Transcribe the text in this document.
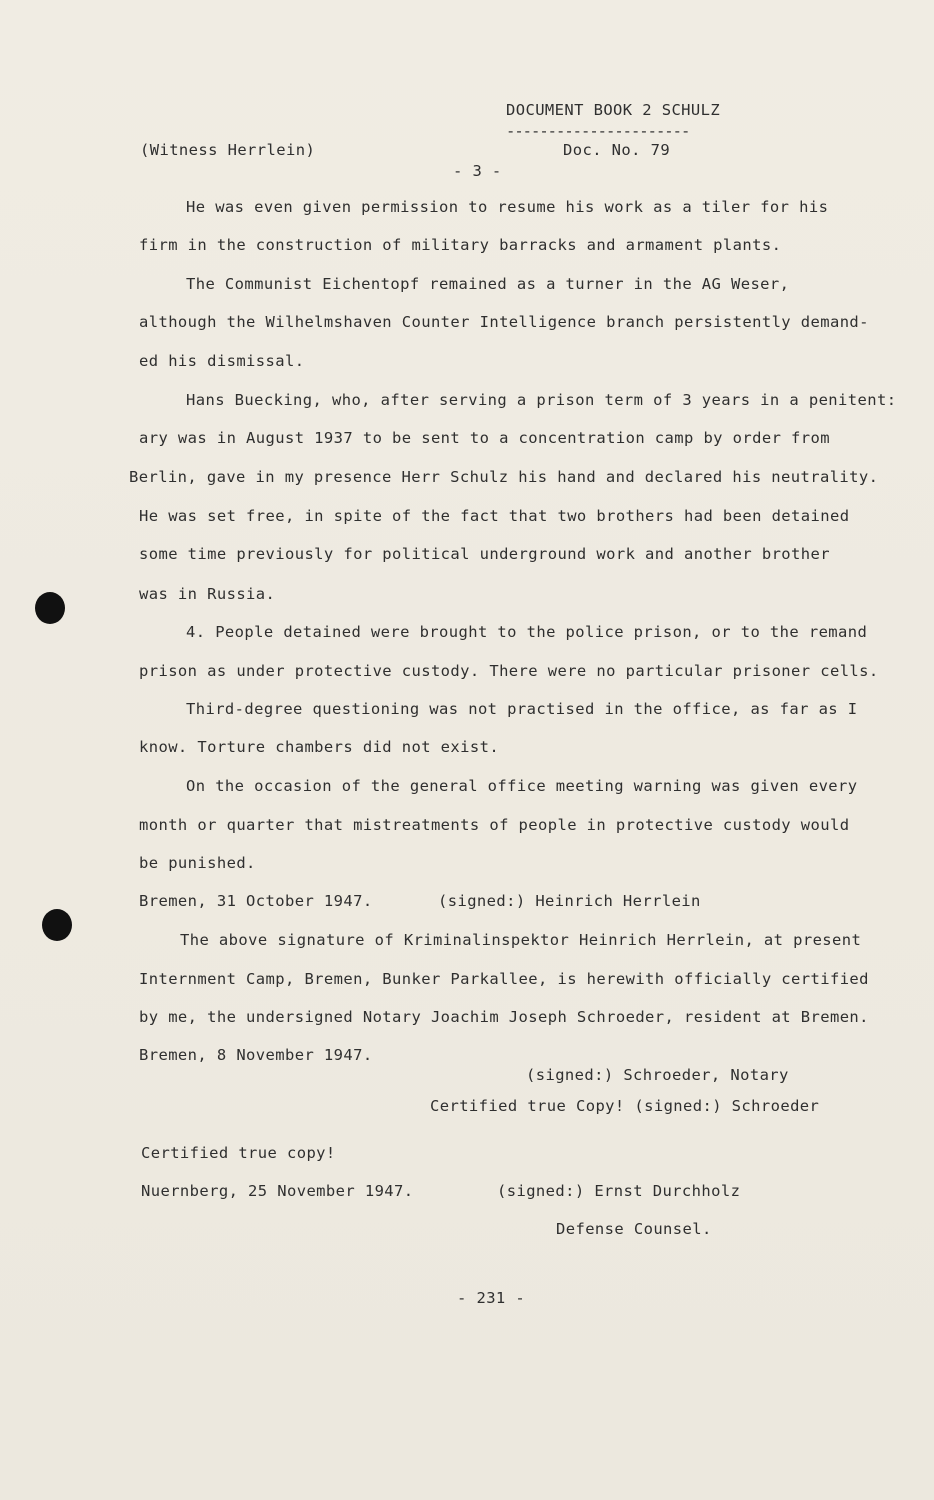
DOCUMENT BOOK 2 SCHULZ
----------------------
(Witness Herrlein)	Doc. No. 79
- 3 -
He was even given permission to resume his work as a tiler for his
firm in the construction of military barracks and armament plants.
The Communist Eichentopf remained as a turner in the AG Weser,
although the Wilhelmshaven Counter Intelligence branch persistently demand-
ed his dismissal.
Hans Buecking, who, after serving a prison term of 3 years in a penitent:
ary was in August 1937 to be sent to a concentration camp by order from
Berlin, gave in my presence Herr Schulz his hand and declared his neutrality.
He was set free, in spite of the fact that two brothers had been detained
some time previously for political underground work and another brother
was in Russia.
4. People detained were brought to the police prison, or to the remand
prison as under protective custody. There were no particular prisoner cells.
Third-degree questioning was not practised in the office, as far as I
know. Torture chambers did not exist.
On the occasion of the general office meeting warning was given every
month or quarter that mistreatments of people in protective custody would
be punished.
Bremen, 31 October 1947.	(signed:) Heinrich Herrlein
The above signature of Kriminalinspektor Heinrich Herrlein, at present
Internment Camp, Bremen, Bunker Parkallee, is herewith officially certified
by me, the undersigned Notary Joachim Joseph Schroeder, resident at Bremen.
Bremen, 8 November 1947.
(signed:) Schroeder, Notary
Certified true Copy! (signed:) Schroeder
Certified true copy!
Nuernberg, 25 November 1947.	(signed:) Ernst Durchholz
Defense Counsel.
- 231 -
